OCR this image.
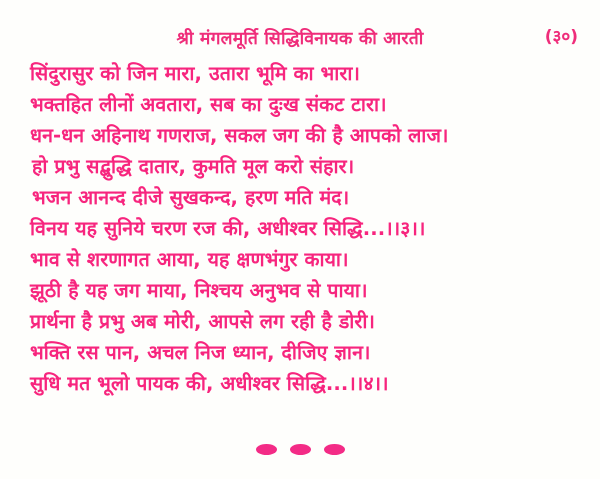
श्री मंगलमूर्ति सिद्धिविनायक की आरती	(३०)
सिंदुरासुर को जिन मारा, उतारा भूमि का भारा।
भक्तहित लीनों अवतारा, सब का दुःख संकट टारा।
धन-धन अहिनाथ गणराज, सकल जग की है आपको लाज।
हो प्रभु सद्बुद्धि दातार, कुमति मूल करो संहार।
भजन आनन्द दीजे सुखकन्द, हरण मति मंद।
विनय यह सुनिये चरण रज की, अधीश्वर सिद्धि...।।३।।
भाव से शरणागत आया, यह क्षणभंगुर काया।
झूठी है यह जग माया, निश्चय अनुभव से पाया।
प्रार्थना है प्रभु अब मोरी, आपसे लग रही है डोरी।
भक्ति रस पान, अचल निज ध्यान, दीजिए ज्ञान।
सुधि मत भूलो पायक की, अधीश्वर सिद्धि...।।४।।
